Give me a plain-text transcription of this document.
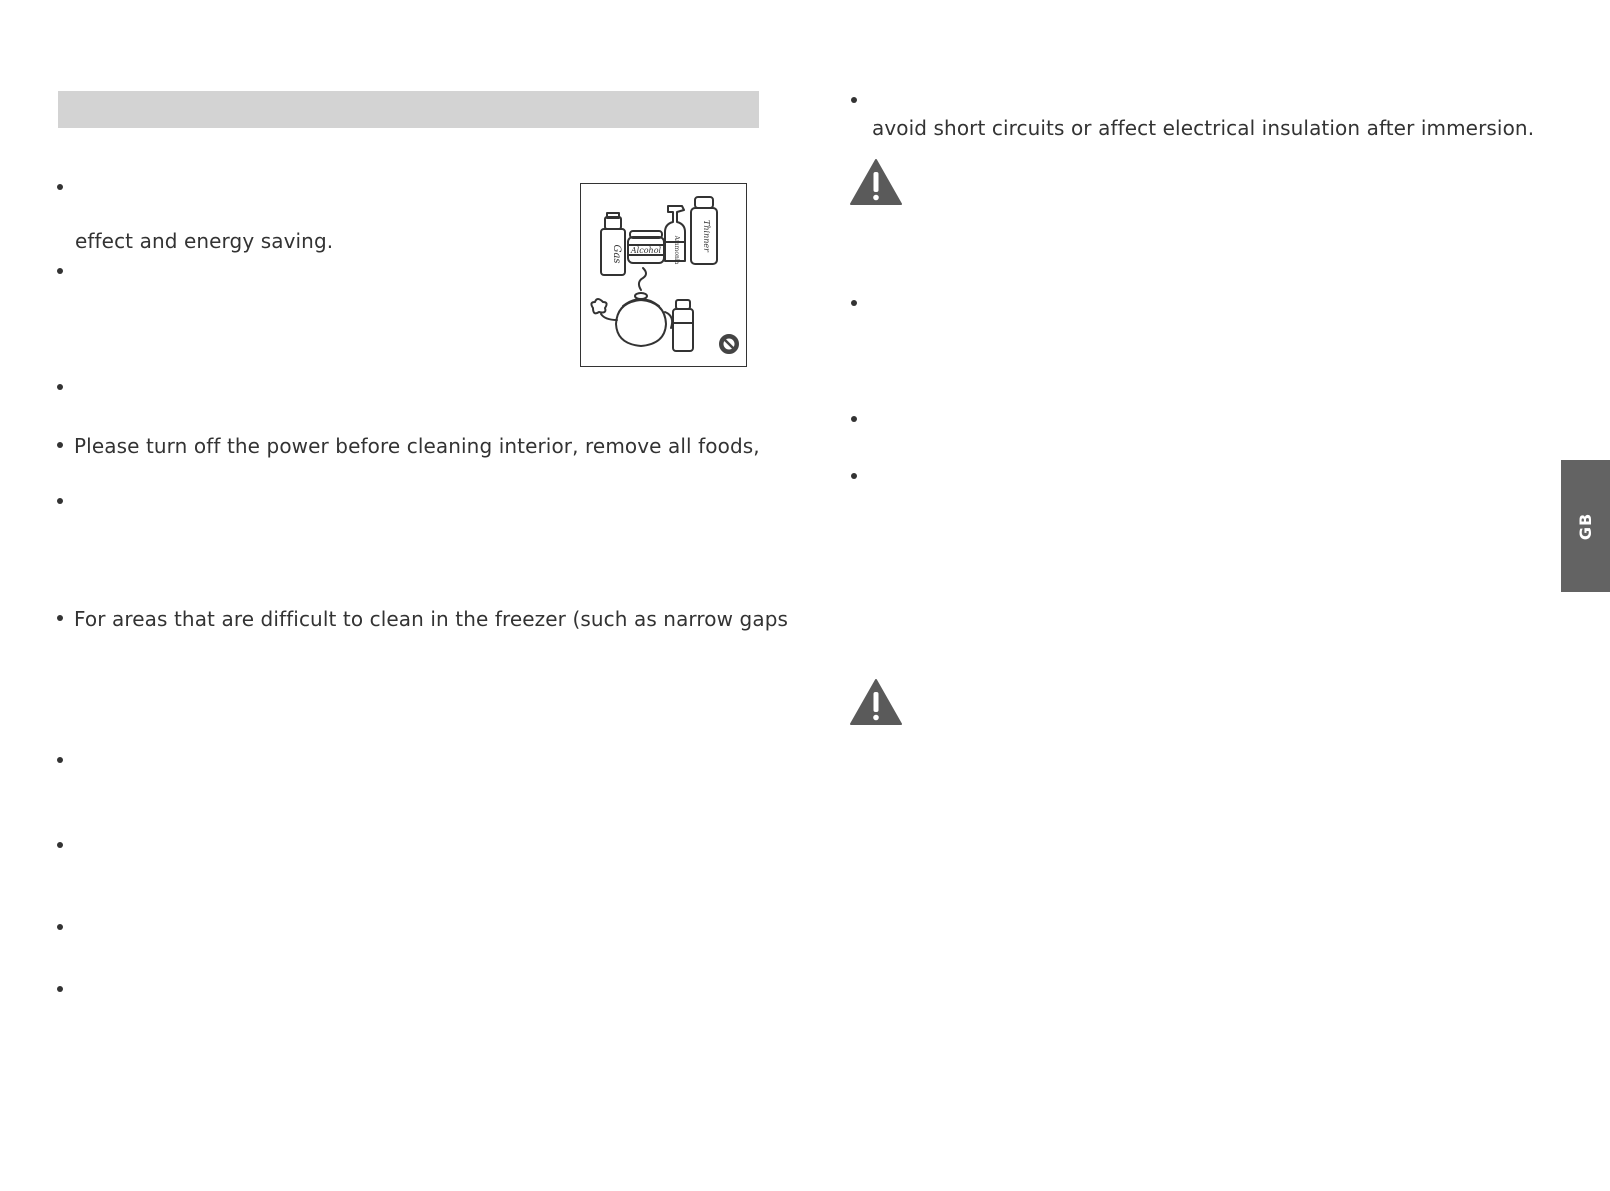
effect and energy saving.
Gas Alcohol Ammonia	Thinner
Please turn off the power before cleaning interior, remove all foods,
For areas that are difficult to clean in the freezer (such as narrow gaps
avoid short circuits or affect electrical insulation after immersion.
GB
